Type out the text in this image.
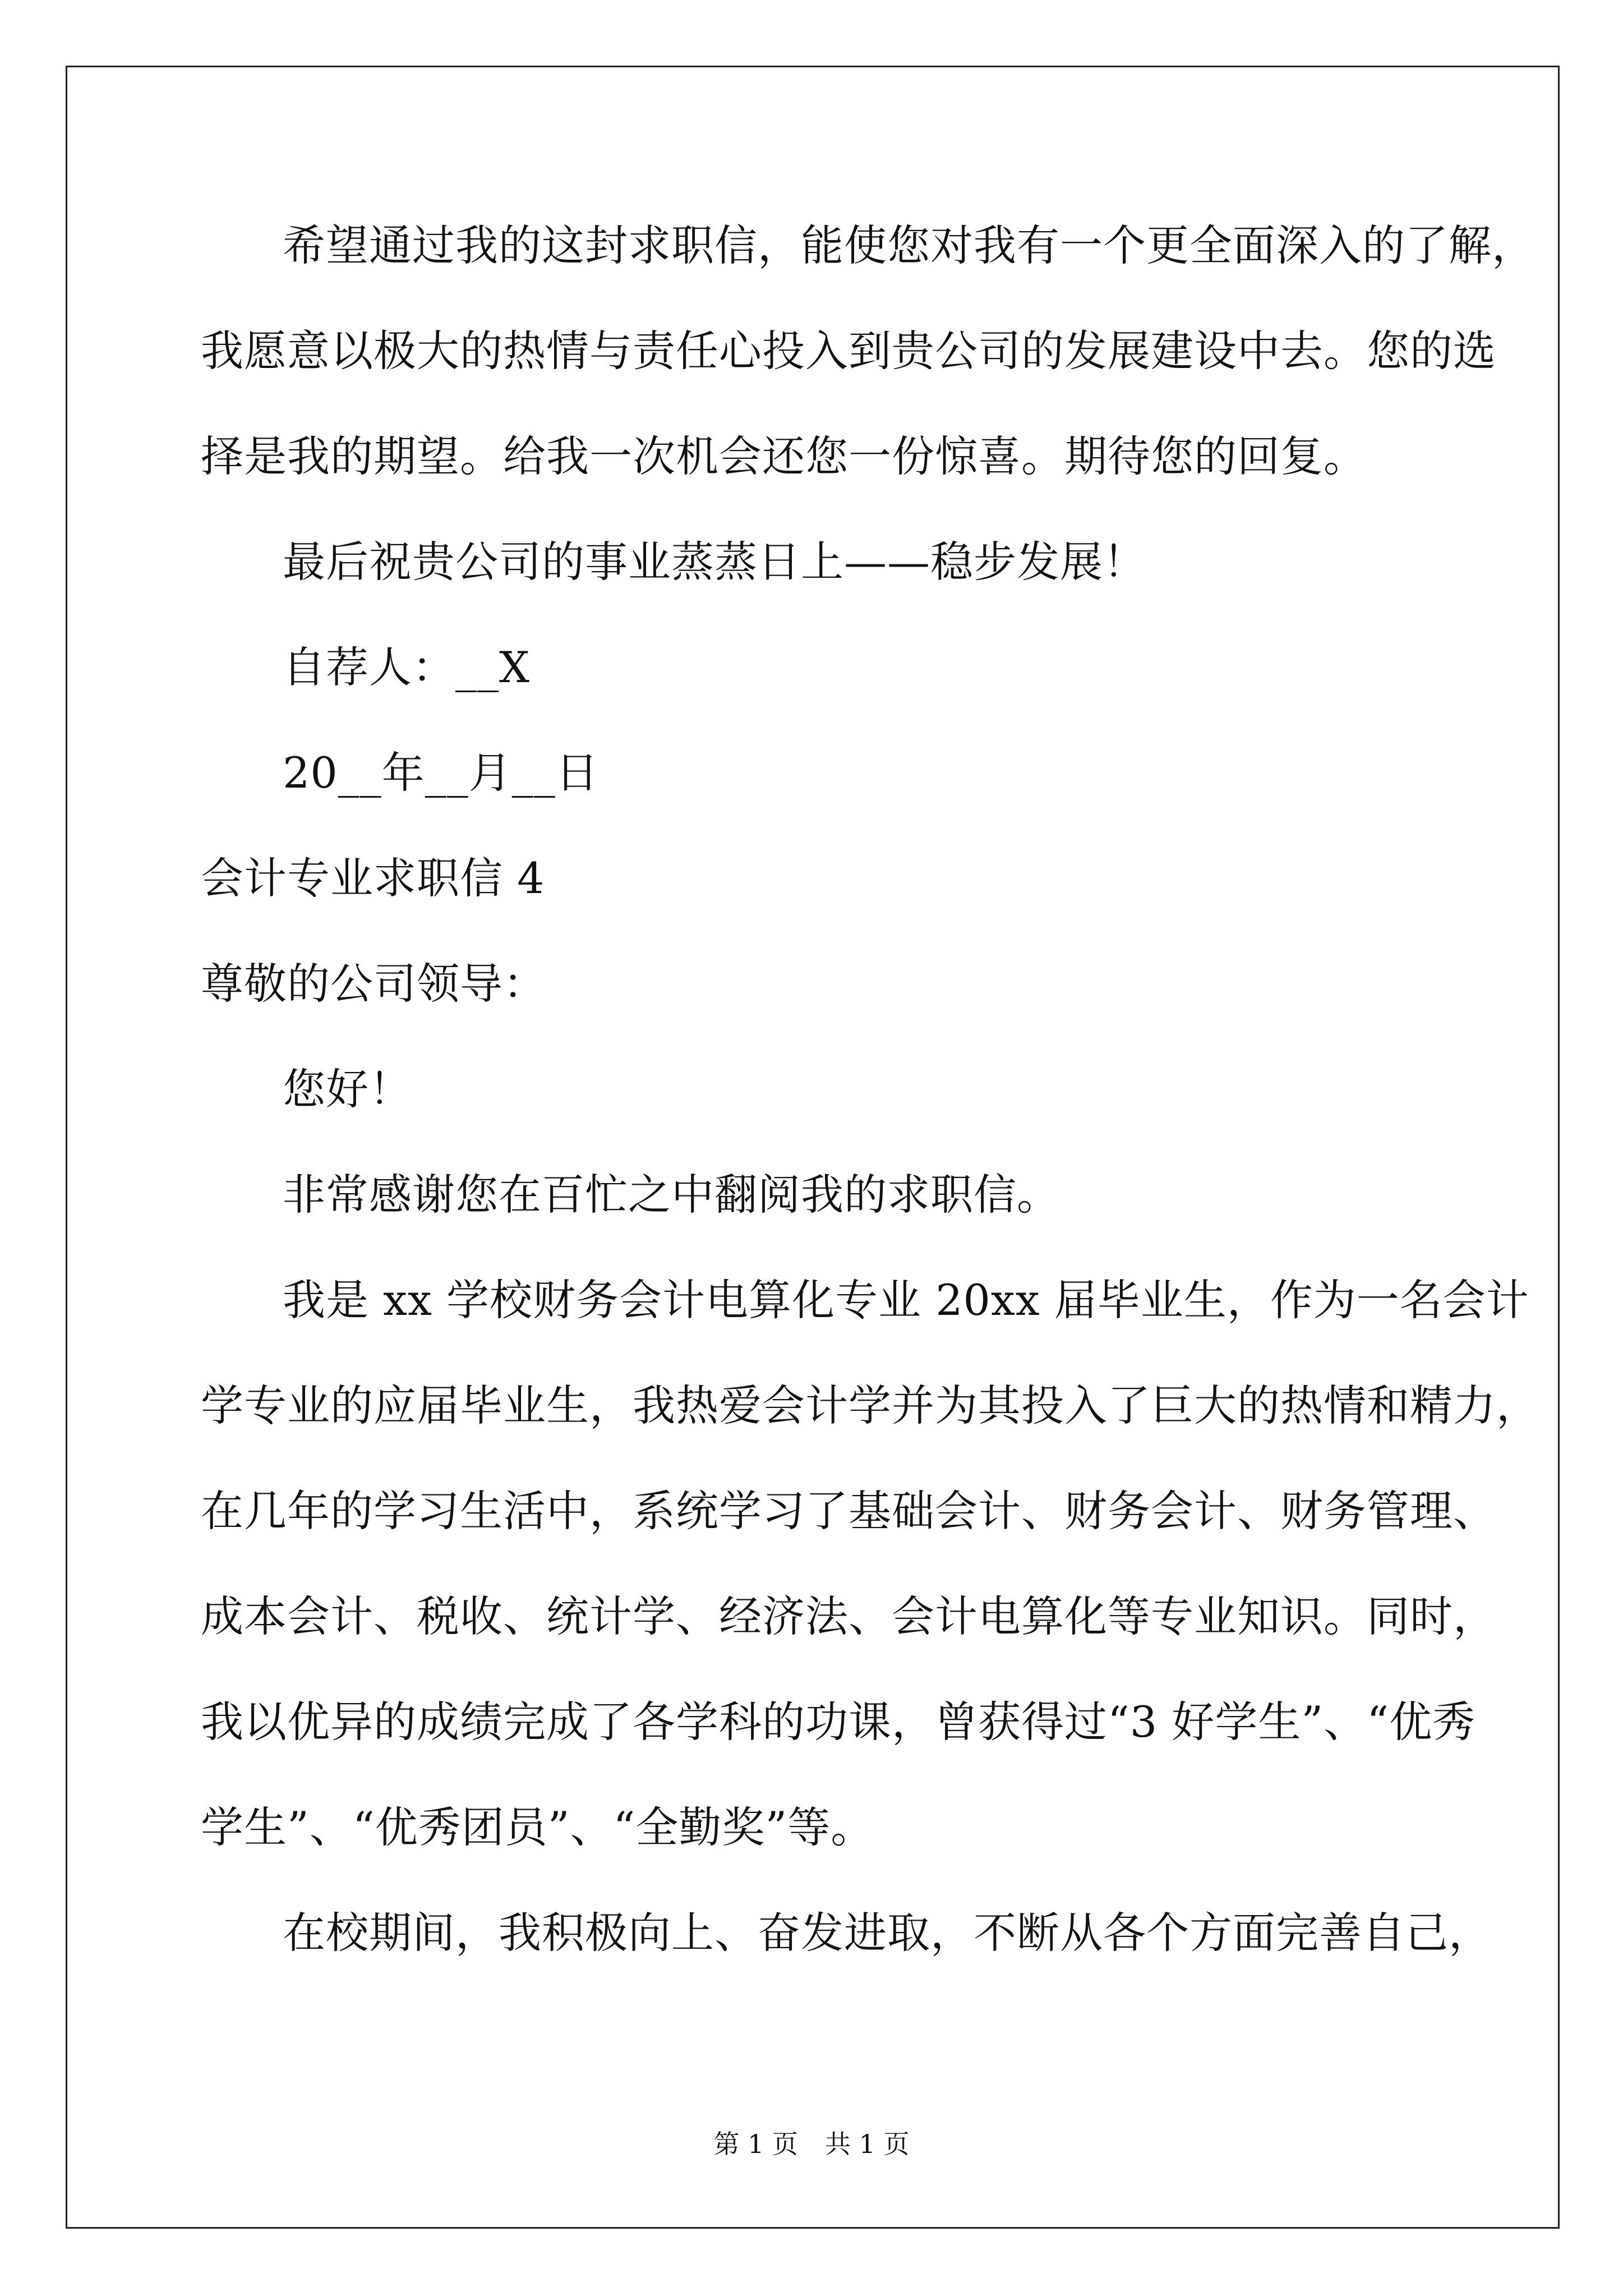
希望通过我的这封求职信，能使您对我有一个更全面深入的了解，
我愿意以极大的热情与责任心投入到贵公司的发展建设中去。您的选
择是我的期望。给我一次机会还您一份惊喜。期待您的回复。
最后祝贵公司的事业蒸蒸日上——稳步发展！
自荐人：__X
20__年__月__日
会计专业求职信 4
尊敬的公司领导：
您好！
非常感谢您在百忙之中翻阅我的求职信。
我是 xx 学校财务会计电算化专业 20xx 届毕业生，作为一名会计
学专业的应届毕业生，我热爱会计学并为其投入了巨大的热情和精力，
在几年的学习生活中，系统学习了基础会计、财务会计、财务管理、
成本会计、税收、统计学、经济法、会计电算化等专业知识。同时，
我以优异的成绩完成了各学科的功课，曾获得过“3 好学生”、“优秀
学生”、“优秀团员”、“全勤奖”等。
在校期间，我积极向上、奋发进取，不断从各个方面完善自己，
第 1 页 共 1 页
